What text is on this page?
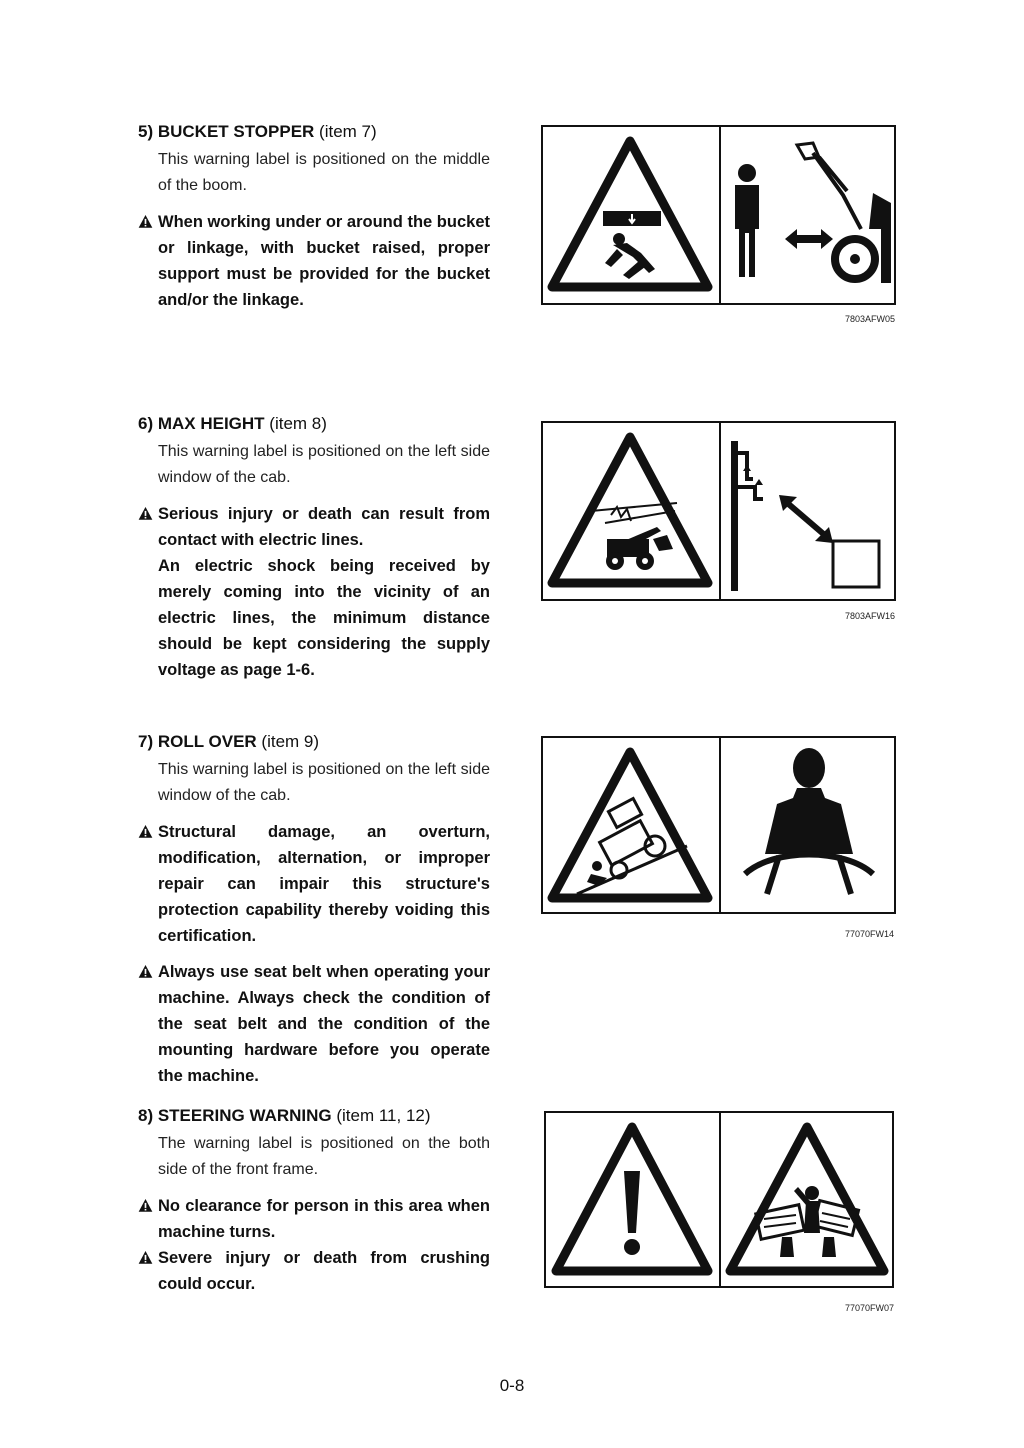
5) BUCKET STOPPER (item 7)
This warning label is positioned on the middle of the boom.

When working under or around the bucket or linkage, with bucket raised, proper support must be provided for the bucket and/or the linkage.

7803AFW05
6) MAX HEIGHT (item 8)
This warning label is positioned on the left side window of the cab.

Serious injury or death can result from contact with electric lines.

An electric shock being received by merely coming into the vicinity of an electric lines, the minimum distance should be kept considering the supply voltage as page 1-6.

7803AFW16
7) ROLL OVER (item 9)
This warning label is positioned on the left side window of the cab.

Structural damage, an overturn, modification, alternation, or improper repair can impair this structure's protection capability thereby voiding this certification.

Always use seat belt when operating your machine. Always check the condition of the seat belt and the condition of the mounting hardware before you operate the machine.

77070FW14
8) STEERING WARNING (item 11, 12)
The warning label is positioned on the both side of the front frame.

No clearance for person in this area when machine turns.

Severe injury or death from crushing could occur.

77070FW07
0-8
